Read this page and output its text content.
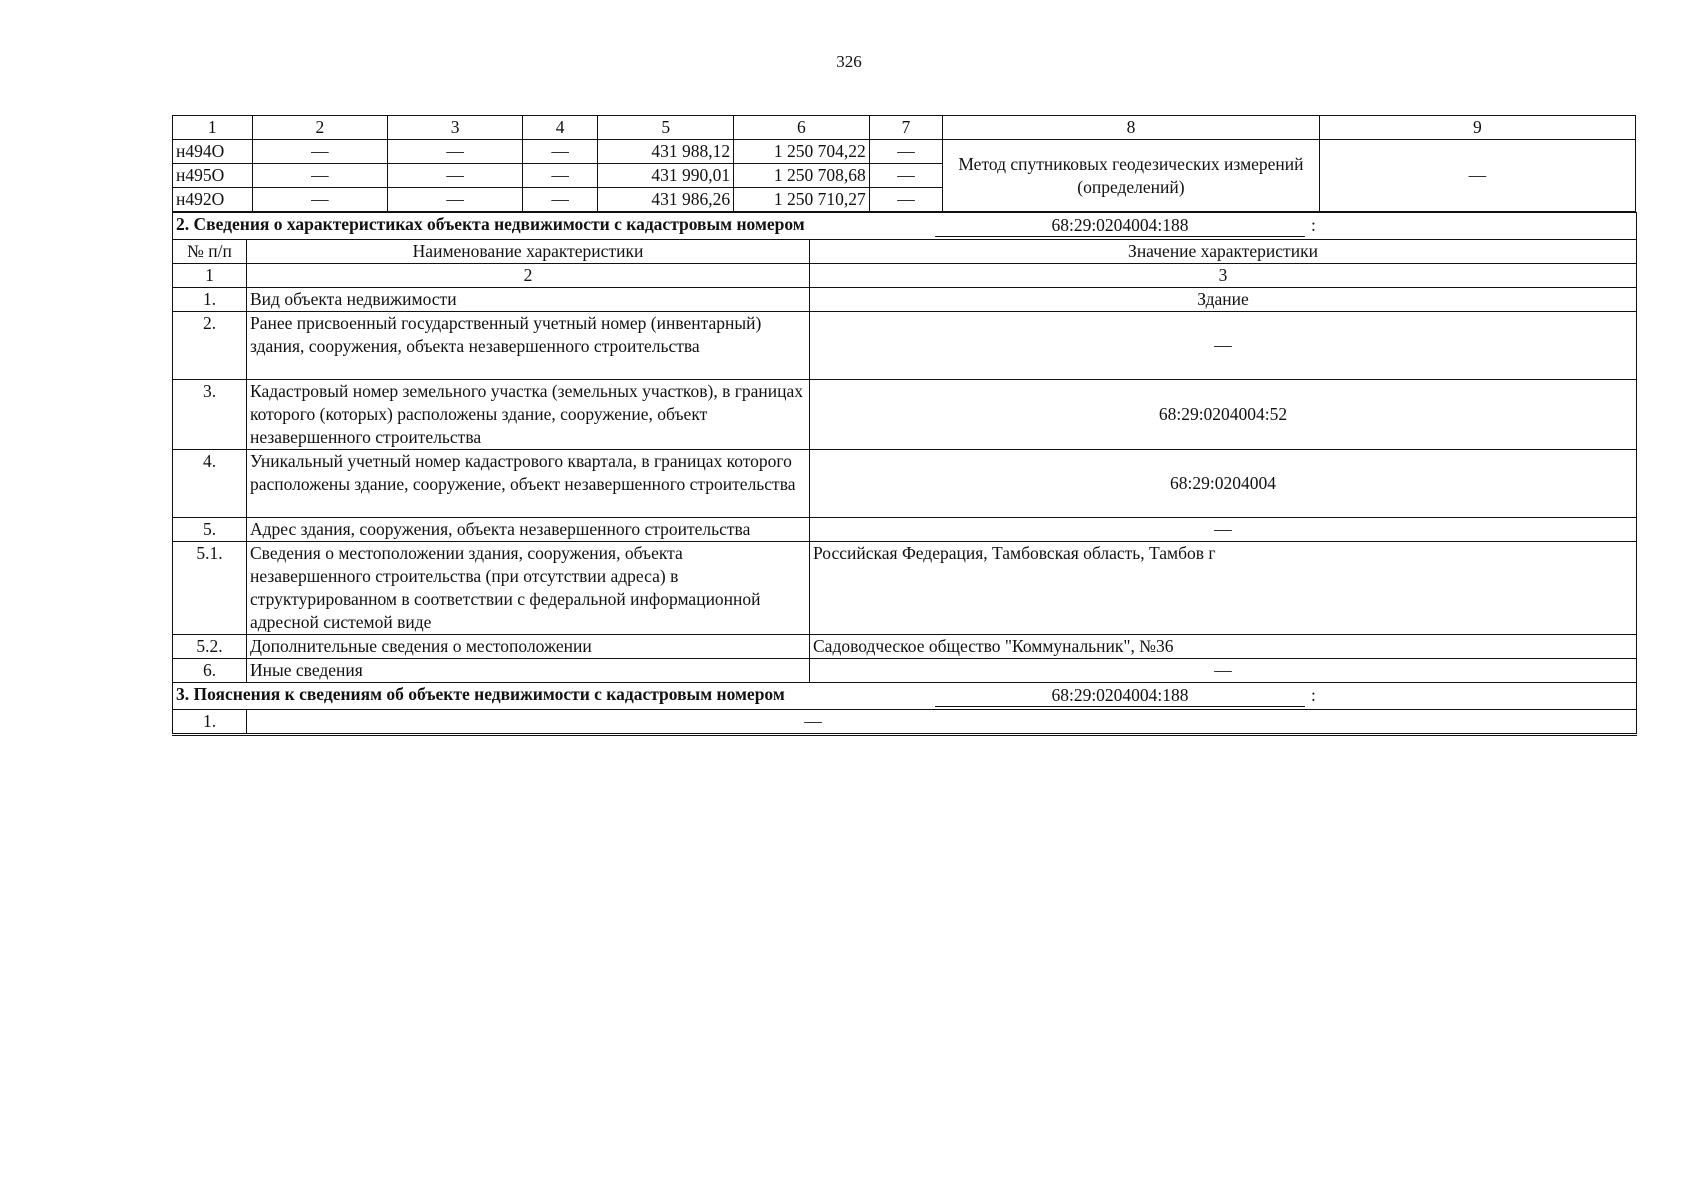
326
1	2	3	4	5	6	7	8	9
н494О	—	—	—	431 988,12	1 250 704,22	—	Метод спутниковых геодезических измерений (определений)	—
н495О	—	—	—	431 990,01	1 250 708,68	—		
н492О	—	—	—	431 986,26	1 250 710,27	—		
2. Сведения о характеристиках объекта недвижимости с кадастровым номером 68:29:0204004:188 :		

№ п/п	Наименование характеристики	Значение характеристики
1	2	3
1.	Вид объекта недвижимости	Здание
2.	Ранее присвоенный государственный учетный номер (инвентарный) здания, сооружения, объекта незавершенного строительства	—
3.	Кадастровый номер земельного участка (земельных участков), в границах которого (которых) расположены здание, сооружение, объект незавершенного строительства	68:29:0204004:52
4.	Уникальный учетный номер кадастрового квартала, в границах которого расположены здание, сооружение, объект незавершенного строительства	68:29:0204004
5.	Адрес здания, сооружения, объекта незавершенного строительства	—
5.1.	Сведения о местоположении здания, сооружения, объекта незавершенного строительства (при отсутствии адреса) в структурированном в соответствии с федеральной информационной адресной системой виде	Российская Федерация, Тамбовская область, Тамбов г
5.2.	Дополнительные сведения о местоположении	Садоводческое общество "Коммунальник", №36
6.	Иные сведения	—
3. Пояснения к сведениям об объекте недвижимости с кадастровым номером 68:29:0204004:188 :		

1.	—	
